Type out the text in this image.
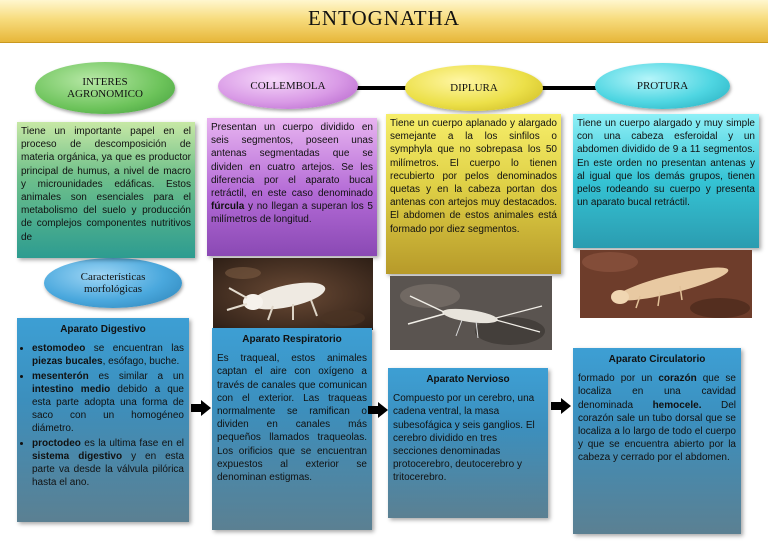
ENTOGNATHA
INTERES AGRONOMICO
COLLEMBOLA	DIPLURA	PROTURA
Características morfológicas

Tiene un importante papel en el proceso de descomposición de materia orgánica, ya que es productor principal de humus, a nivel de macro y microunidades edáficas. Estos animales son esenciales para el metabolismo del suelo y producción de complejos componentes nutritivos de

Presentan un cuerpo dividido en seis segmentos, poseen unas antenas segmentadas que se dividen en cuatro artejos. Se les diferencia por el aparato bucal retráctil, en este caso denominado fúrcula y no llegan a superan los 5 milímetros de longitud.

Tiene un cuerpo aplanado y alargado semejante a la los sinfilos o symphyla que no sobrepasa los 50 milímetros. El cuerpo lo tienen recubierto por pelos denominados quetas y en la cabeza portan dos antenas con artejos muy destacados. El abdomen de estos animales está formado por diez segmentos.

Tiene un cuerpo alargado y muy simple con una cabeza esferoidal y un abdomen dividido de 9 a 11 segmentos. En este orden no presentan antenas y al igual que los demás grupos, tienen pelos rodeando su cuerpo y presenta un aparato bucal retráctil.

Aparato Digestivo
• estomodeo se encuentran las piezas bucales, esófago, buche.
• mesenterón es similar a un intestino medio debido a que esta parte adopta una forma de saco con un homogéneo diámetro.
• proctodeo es la ultima fase en el sistema digestivo y en esta parte va desde la válvula pilórica hasta el ano.
Aparato Respiratorio

Es traqueal, estos animales captan el aire con oxígeno a través de canales que comunican con el exterior. Las traqueas normalmente se ramifican o dividen en canales más pequeños llamados traqueolas. Los orificios que se encuentran expuestos al exterior se denominan estigmas.

Aparato Nervioso

Compuesto por un cerebro, una cadena ventral, la masa subesofágica y seis ganglios. El cerebro dividido en tres secciones denominadas protocerebro, deutocerebro y tritocerebro.

Aparato Circulatorio

formado por un corazón que se localiza en una cavidad denominada hemocele. Del corazón sale un tubo dorsal que se localiza a lo largo de todo el cuerpo y que se encuentra abierto por la cabeza y cerrado por el abdomen.
